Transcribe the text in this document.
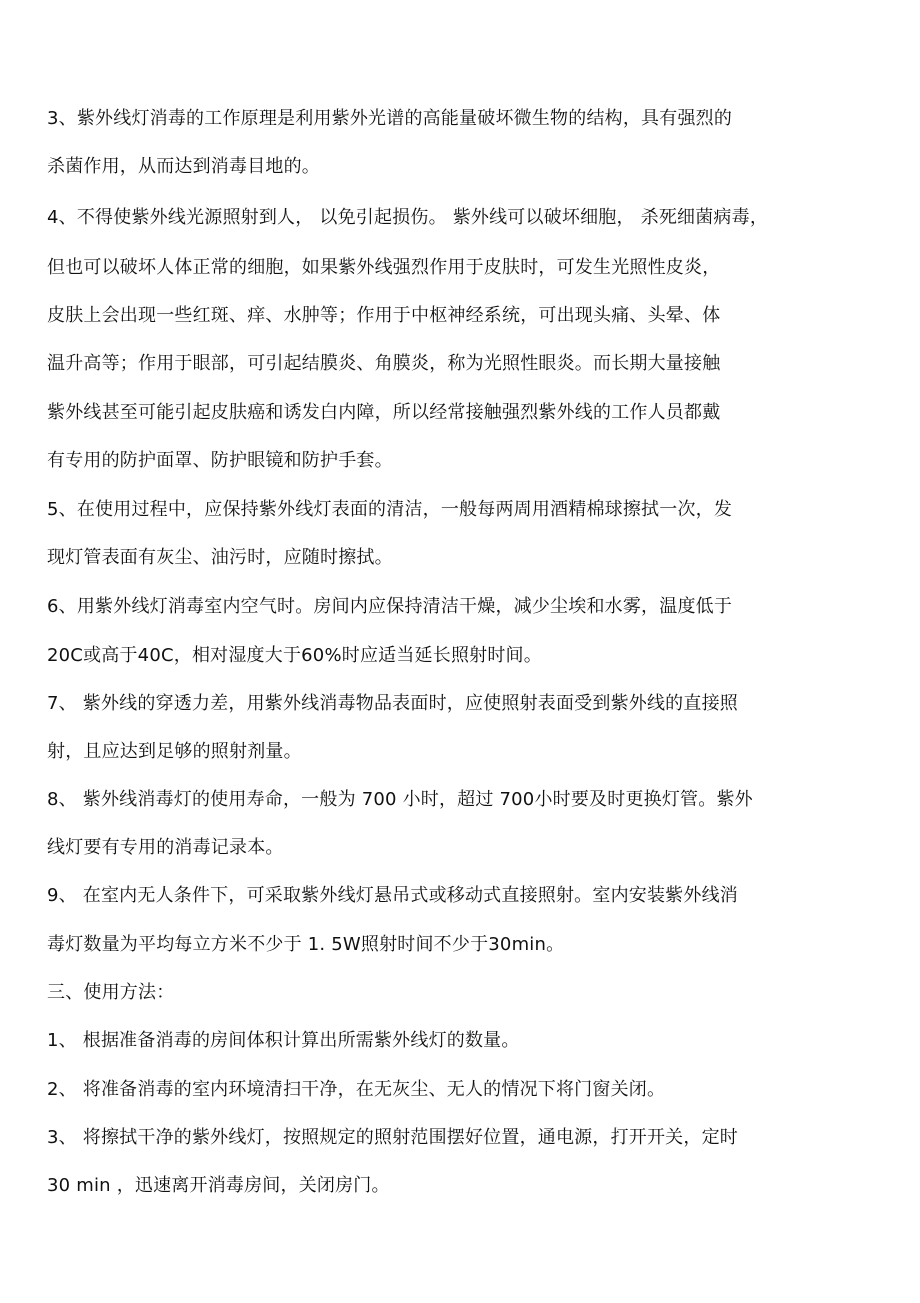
3、紫外线灯消毒的工作原理是利用紫外光谱的高能量破坏微生物的结构，具有强烈的
杀菌作用，从而达到消毒目地的。
4、不得使紫外线光源照射到人， 以免引起损伤。 紫外线可以破坏细胞， 杀死细菌病毒，
但也可以破坏人体正常的细胞，如果紫外线强烈作用于皮肤时，可发生光照性皮炎，
皮肤上会出现一些红斑、痒、水肿等；作用于中枢神经系统，可出现头痛、头晕、体
温升高等；作用于眼部，可引起结膜炎、角膜炎，称为光照性眼炎。而长期大量接触
紫外线甚至可能引起皮肤癌和诱发白内障，所以经常接触强烈紫外线的工作人员都戴
有专用的防护面罩、防护眼镜和防护手套。
5、在使用过程中，应保持紫外线灯表面的清洁，一般每两周用酒精棉球擦拭一次，发
现灯管表面有灰尘、油污时，应随时擦拭。
6、用紫外线灯消毒室内空气时。房间内应保持清洁干燥，减少尘埃和水雾，温度低于
20C或高于40C，相对湿度大于60%时应适当延长照射时间。
7、 紫外线的穿透力差，用紫外线消毒物品表面时，应使照射表面受到紫外线的直接照
射，且应达到足够的照射剂量。
8、 紫外线消毒灯的使用寿命，一般为 700 小时，超过 700小时要及时更换灯管。紫外
线灯要有专用的消毒记录本。
9、 在室内无人条件下，可采取紫外线灯悬吊式或移动式直接照射。室内安装紫外线消
毒灯数量为平均每立方米不少于 1. 5W照射时间不少于30min。
三、使用方法：
1、 根据准备消毒的房间体积计算出所需紫外线灯的数量。
2、 将准备消毒的室内环境清扫干净，在无灰尘、无人的情况下将门窗关闭。
3、 将擦拭干净的紫外线灯，按照规定的照射范围摆好位置，通电源，打开开关，定时
30 min ，迅速离开消毒房间，关闭房门。
